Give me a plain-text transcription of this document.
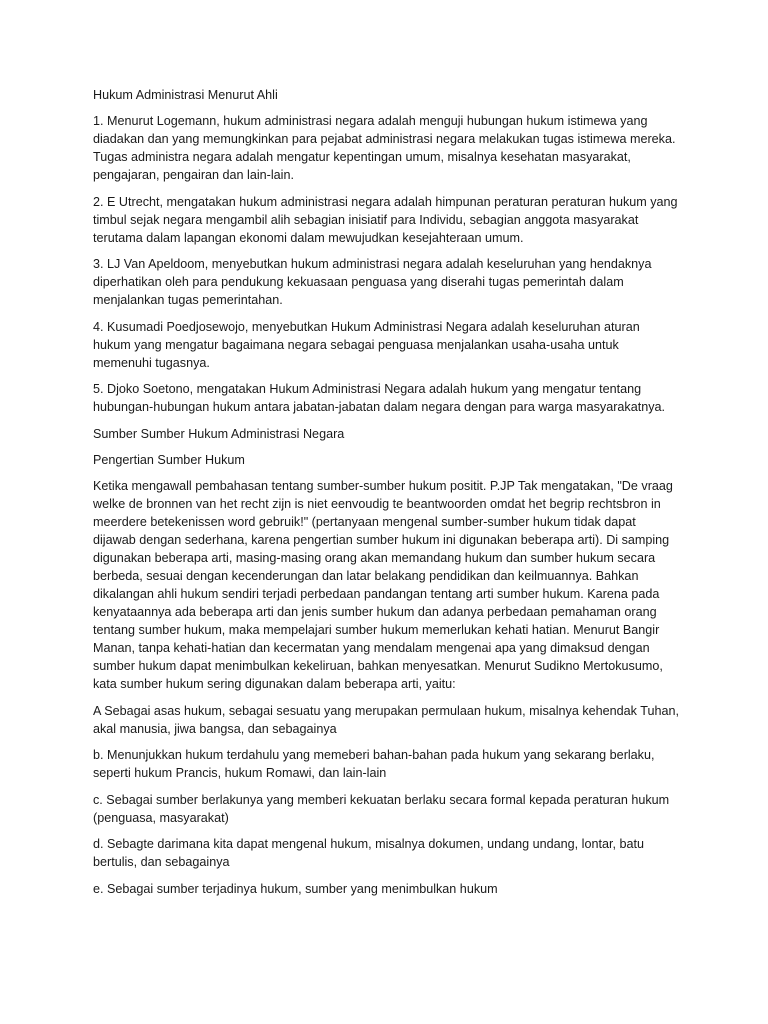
Hukum Administrasi Menurut Ahli

1. Menurut Logemann, hukum administrasi negara adalah menguji hubungan hukum istimewa yang diadakan dan yang memungkinkan para pejabat administrasi negara melakukan tugas istimewa mereka. Tugas administra negara adalah mengatur kepentingan umum, misalnya kesehatan masyarakat, pengajaran, pengairan dan lain-lain.

2. E Utrecht, mengatakan hukum administrasi negara adalah himpunan peraturan peraturan hukum yang timbul sejak negara mengambil alih sebagian inisiatif para Individu, sebagian anggota masyarakat terutama dalam lapangan ekonomi dalam mewujudkan kesejahteraan umum.

3. LJ Van Apeldoom, menyebutkan hukum administrasi negara adalah keseluruhan yang hendaknya diperhatikan oleh para pendukung kekuasaan penguasa yang diserahi tugas pemerintah dalam menjalankan tugas pemerintahan.

4. Kusumadi Poedjosewojo, menyebutkan Hukum Administrasi Negara adalah keseluruhan aturan hukum yang mengatur bagaimana negara sebagai penguasa menjalankan usaha-usaha untuk memenuhi tugasnya.

5. Djoko Soetono, mengatakan Hukum Administrasi Negara adalah hukum yang mengatur tentang hubungan-hubungan hukum antara jabatan-jabatan dalam negara dengan para warga masyarakatnya.

Sumber Sumber Hukum Administrasi Negara

Pengertian Sumber Hukum

Ketika mengawall pembahasan tentang sumber-sumber hukum positit. P.JP Tak mengatakan, "De vraag welke de bronnen van het recht zijn is niet eenvoudig te beantwoorden omdat het begrip rechtsbron in meerdere betekenissen word gebruik!" (pertanyaan mengenal sumber-sumber hukum tidak dapat dijawab dengan sederhana, karena pengertian sumber hukum ini digunakan beberapa arti). Di samping digunakan beberapa arti, masing-masing orang akan memandang hukum dan sumber hukum secara berbeda, sesuai dengan kecenderungan dan latar belakang pendidikan dan keilmuannya. Bahkan dikalangan ahli hukum sendiri terjadi perbedaan pandangan tentang arti sumber hukum. Karena pada kenyataannya ada beberapa arti dan jenis sumber hukum dan adanya perbedaan pemahaman orang tentang sumber hukum, maka mempelajari sumber hukum memerlukan kehati hatian. Menurut Bangir Manan, tanpa kehati-hatian dan kecermatan yang mendalam mengenai apa yang dimaksud dengan sumber hukum dapat menimbulkan kekeliruan, bahkan menyesatkan. Menurut Sudikno Mertokusumo, kata sumber hukum sering digunakan dalam beberapa arti, yaitu:

A Sebagai asas hukum, sebagai sesuatu yang merupakan permulaan hukum, misalnya kehendak Tuhan, akal manusia, jiwa bangsa, dan sebagainya

b. Menunjukkan hukum terdahulu yang memeberi bahan-bahan pada hukum yang sekarang berlaku, seperti hukum Prancis, hukum Romawi, dan lain-lain

c. Sebagai sumber berlakunya yang memberi kekuatan berlaku secara formal kepada peraturan hukum (penguasa, masyarakat)

d. Sebagte darimana kita dapat mengenal hukum, misalnya dokumen, undang undang, lontar, batu bertulis, dan sebagainya

e. Sebagai sumber terjadinya hukum, sumber yang menimbulkan hukum
